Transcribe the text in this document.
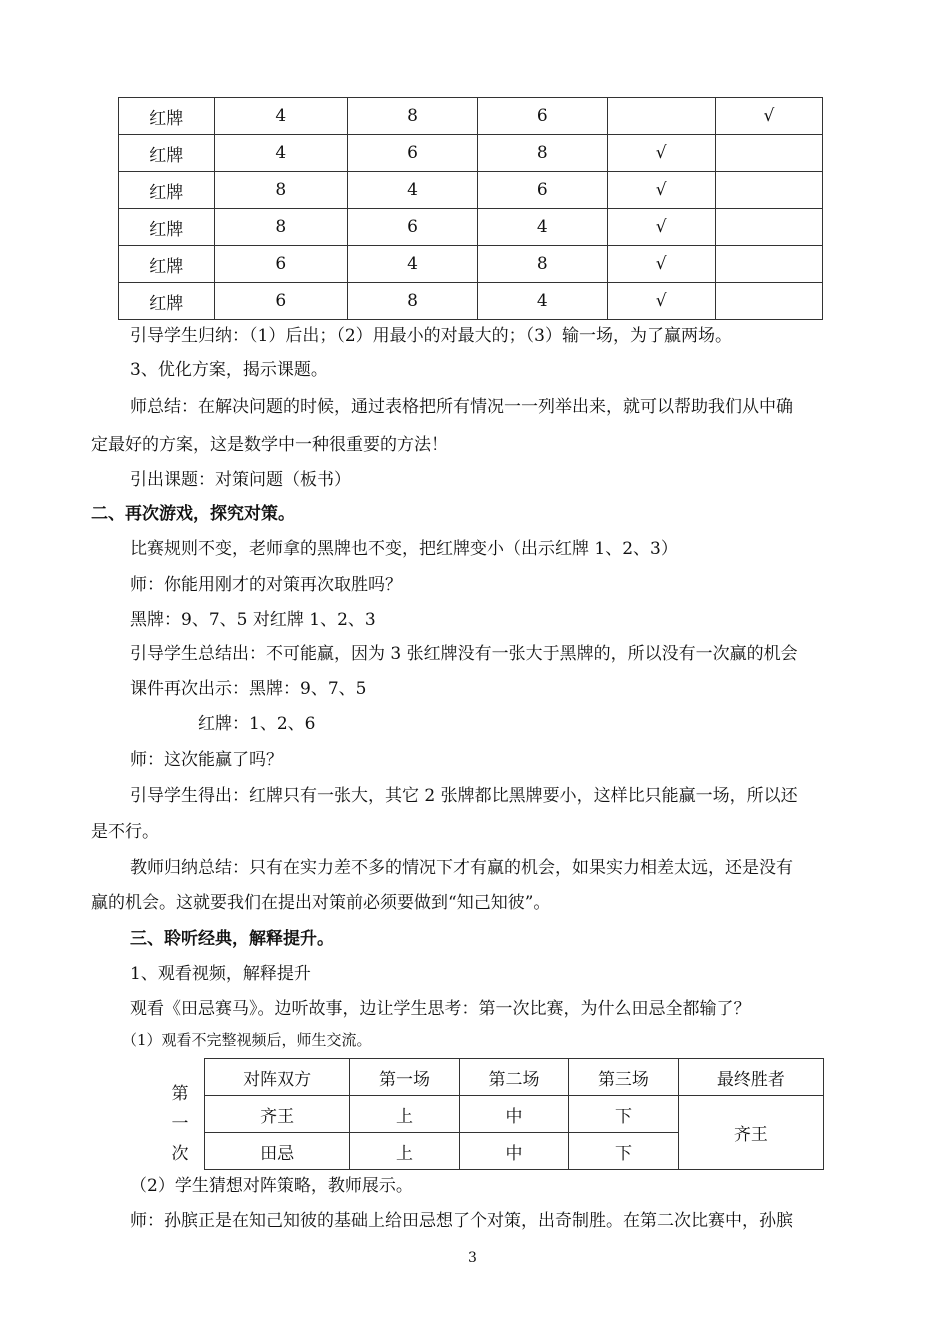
红牌	4	8	6		√
红牌	4	6	8	√	
红牌	8	4	6	√	
红牌	8	6	4	√	
红牌	6	4	8	√	
红牌	6	8	4	√	
引导学生归纳：（1）后出；（2）用最小的对最大的；（3）输一场，为了赢两场。
3、优化方案，揭示课题。
师总结：在解决问题的时候，通过表格把所有情况一一列举出来，就可以帮助我们从中确
定最好的方案，这是数学中一种很重要的方法！
引出课题：对策问题（板书）
二、再次游戏，探究对策。
比赛规则不变，老师拿的黑牌也不变，把红牌变小（出示红牌 1、2、3）
师：你能用刚才的对策再次取胜吗？
黑牌：9、7、5 对红牌 1、2、3
引导学生总结出：不可能赢，因为 3 张红牌没有一张大于黑牌的，所以没有一次赢的机会
课件再次出示：黑牌：9、7、5
红牌：1、2、6
师：这次能赢了吗？
引导学生得出：红牌只有一张大，其它 2 张牌都比黑牌要小，这样比只能赢一场，所以还
是不行。
教师归纳总结：只有在实力差不多的情况下才有赢的机会，如果实力相差太远，还是没有
赢的机会。这就要我们在提出对策前必须要做到“知己知彼”。
三、聆听经典，解释提升。
1、观看视频，解释提升
观看《田忌赛马》。边听故事，边让学生思考：第一次比赛，为什么田忌全都输了？
（1）观看不完整视频后，师生交流。
第一次
对阵双方	第一场	第二场	第三场	最终胜者
齐王	上	中	下	齐王
田忌	上	中	下	
（2）学生猜想对阵策略，教师展示。
师：孙膑正是在知己知彼的基础上给田忌想了个对策，出奇制胜。在第二次比赛中，孙膑
3
